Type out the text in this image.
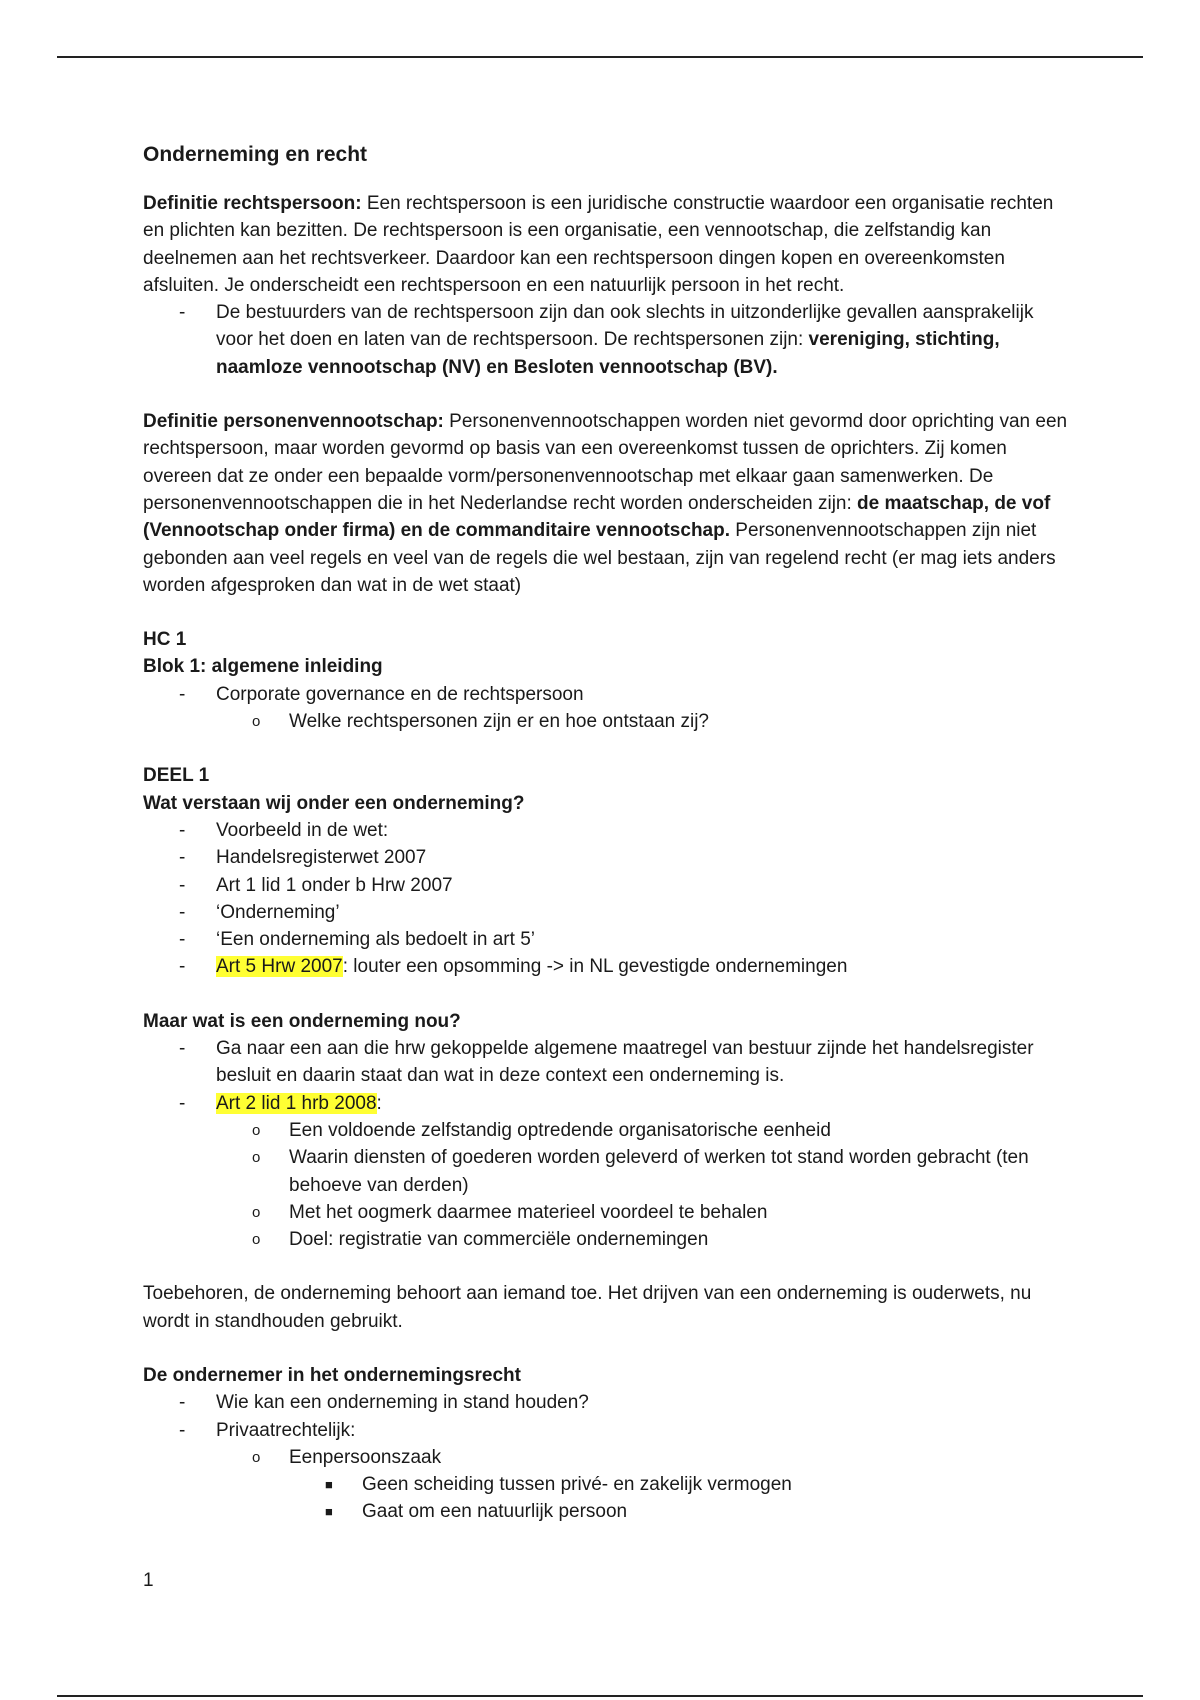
Onderneming en recht

Definitie rechtspersoon: Een rechtspersoon is een juridische constructie waardoor een organisatie rechten en plichten kan bezitten. De rechtspersoon is een organisatie, een vennootschap, die zelfstandig kan deelnemen aan het rechtsverkeer. Daardoor kan een rechtspersoon dingen kopen en overeenkomsten afsluiten. Je onderscheidt een rechtspersoon en een natuurlijk persoon in het recht.

- De bestuurders van de rechtspersoon zijn dan ook slechts in uitzonderlijke gevallen aansprakelijk voor het doen en laten van de rechtspersoon. De rechtspersonen zijn: vereniging, stichting, naamloze vennootschap (NV) en Besloten vennootschap (BV).

Definitie personenvennootschap: Personenvennootschappen worden niet gevormd door oprichting van een rechtspersoon, maar worden gevormd op basis van een overeenkomst tussen de oprichters. Zij komen overeen dat ze onder een bepaalde vorm/personenvennootschap met elkaar gaan samenwerken. De personenvennootschappen die in het Nederlandse recht worden onderscheiden zijn: de maatschap, de vof (Vennootschap onder firma) en de commanditaire vennootschap. Personenvennootschappen zijn niet gebonden aan veel regels en veel van de regels die wel bestaan, zijn van regelend recht (er mag iets anders worden afgesproken dan wat in de wet staat)

HC 1

Blok 1: algemene inleiding

- Corporate governance en de rechtspersoon
o Welke rechtspersonen zijn er en hoe ontstaan zij?

DEEL 1

Wat verstaan wij onder een onderneming?

- Voorbeeld in de wet:
- Handelsregisterwet 2007
- Art 1 lid 1 onder b Hrw 2007
- ‘Onderneming’
- ‘Een onderneming als bedoelt in art 5’
- Art 5 Hrw 2007: louter een opsomming -> in NL gevestigde ondernemingen

Maar wat is een onderneming nou?

- Ga naar een aan die hrw gekoppelde algemene maatregel van bestuur zijnde het handelsregister besluit en daarin staat dan wat in deze context een onderneming is.
- Art 2 lid 1 hrb 2008:
o Een voldoende zelfstandig optredende organisatorische eenheid
o Waarin diensten of goederen worden geleverd of werken tot stand worden gebracht (ten behoeve van derden)
o Met het oogmerk daarmee materieel voordeel te behalen
o Doel: registratie van commerciële ondernemingen

Toebehoren, de onderneming behoort aan iemand toe. Het drijven van een onderneming is ouderwets, nu wordt in standhouden gebruikt.

De ondernemer in het ondernemingsrecht

- Wie kan een onderneming in stand houden?
- Privaatrechtelijk:
o Eenpersoonszaak
■ Geen scheiding tussen privé- en zakelijk vermogen
■ Gaat om een natuurlijk persoon
1
